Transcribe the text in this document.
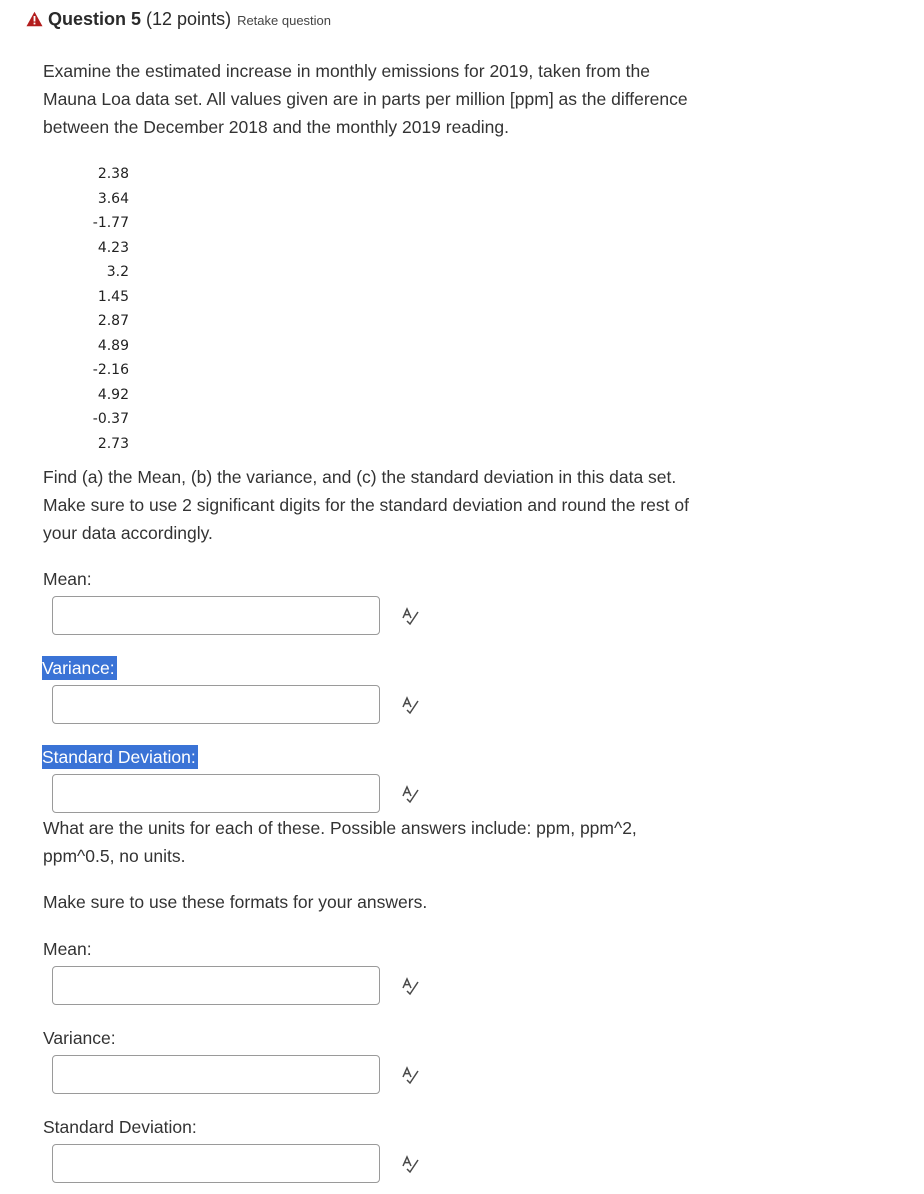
Question 5 (12 points) Retake question
Examine the estimated increase in monthly emissions for 2019, taken from the
Mauna Loa data set. All values given are in parts per million [ppm] as the difference
between the December 2018 and the monthly 2019 reading.
2.38
3.64
-1.77
4.23
3.2
1.45
2.87
4.89
-2.16
4.92
-0.37
2.73
Find (a) the Mean, (b) the variance, and (c) the standard deviation in this data set.
Make sure to use 2 significant digits for the standard deviation and round the rest of
your data accordingly.
Mean:
Variance:
Standard Deviation:
What are the units for each of these. Possible answers include: ppm, ppm^2,
ppm^0.5, no units.
Make sure to use these formats for your answers.
Mean:
Variance:
Standard Deviation:
